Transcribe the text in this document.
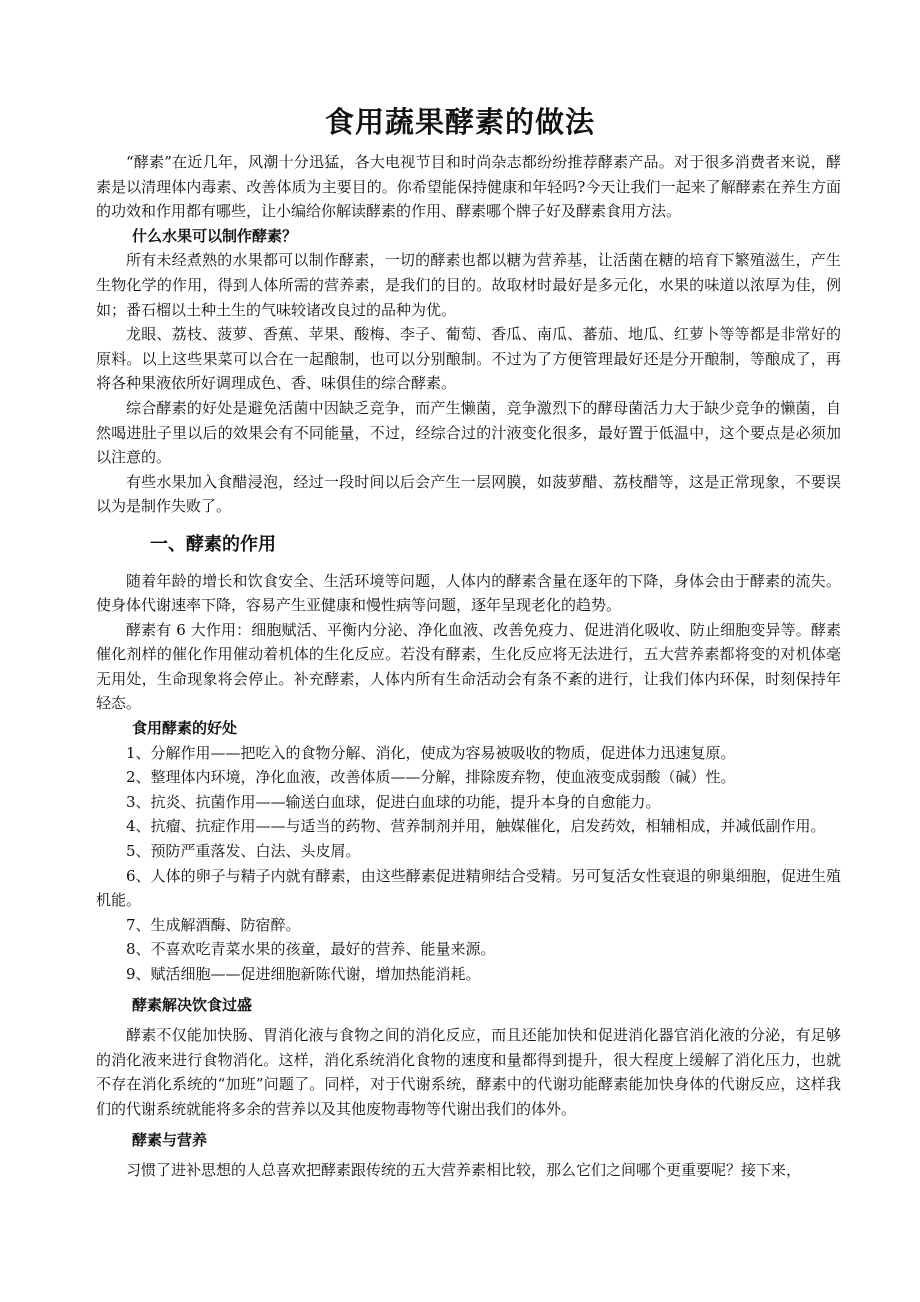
食用蔬果酵素的做法

“酵素”在近几年，风潮十分迅猛，各大电视节目和时尚杂志都纷纷推荐酵素产品。对于很多消费者来说，酵素是以清理体内毒素、改善体质为主要目的。你希望能保持健康和年轻吗?今天让我们一起来了解酵素在养生方面的功效和作用都有哪些，让小编给你解读酵素的作用、酵素哪个牌子好及酵素食用方法。

什么水果可以制作酵素？

所有未经煮熟的水果都可以制作酵素，一切的酵素也都以糖为营养基，让活菌在糖的培育下繁殖滋生，产生生物化学的作用，得到人体所需的营养素，是我们的目的。故取材时最好是多元化，水果的味道以浓厚为佳，例如；番石榴以土种土生的气味较诸改良过的品种为优。

龙眼、荔枝、菠萝、香蕉、苹果、酸梅、李子、葡萄、香瓜、南瓜、蕃茄、地瓜、红萝卜等等都是非常好的原料。以上这些果菜可以合在一起酿制，也可以分别酿制。不过为了方便管理最好还是分开酿制，等酿成了，再将各种果液依所好调理成色、香、味俱佳的综合酵素。

综合酵素的好处是避免活菌中因缺乏竞争，而产生懒菌，竞争激烈下的酵母菌活力大于缺少竞争的懒菌，自然喝进肚子里以后的效果会有不同能量，不过，经综合过的汁液变化很多，最好置于低温中，这个要点是必须加以注意的。

有些水果加入食醋浸泡，经过一段时间以后会产生一层网膜，如菠萝醋、荔枝醋等，这是正常现象，不要误以为是制作失败了。

一、酵素的作用

随着年龄的增长和饮食安全、生活环境等问题，人体内的酵素含量在逐年的下降，身体会由于酵素的流失。使身体代谢速率下降，容易产生亚健康和慢性病等问题，逐年呈现老化的趋势。

酵素有 6 大作用：细胞赋活、平衡内分泌、净化血液、改善免疫力、促进消化吸收、防止细胞变异等。酵素催化剂样的催化作用催动着机体的生化反应。若没有酵素，生化反应将无法进行，五大营养素都将变的对机体毫无用处，生命现象将会停止。补充酵素，人体内所有生命活动会有条不紊的进行，让我们体内环保，时刻保持年轻态。

食用酵素的好处

1、分解作用——把吃入的食物分解、消化，使成为容易被吸收的物质，促进体力迅速复原。

2、整理体内环境，净化血液，改善体质——分解，排除废弃物，使血液变成弱酸（碱）性。

3、抗炎、抗菌作用——输送白血球，促进白血球的功能，提升本身的自愈能力。

4、抗瘤、抗症作用——与适当的药物、营养制剂并用，触媒催化，启发药效，相辅相成，并减低副作用。

5、预防严重落发、白法、头皮屑。

6、人体的卵子与精子内就有酵素，由这些酵素促进精卵结合受精。另可复活女性衰退的卵巢细胞，促进生殖机能。

7、生成解酒酶、防宿醉。

8、不喜欢吃青菜水果的孩童，最好的营养、能量来源。

9、赋活细胞——促进细胞新陈代谢，增加热能消耗。

酵素解决饮食过盛

酵素不仅能加快肠、胃消化液与食物之间的消化反应，而且还能加快和促进消化器官消化液的分泌，有足够的消化液来进行食物消化。这样，消化系统消化食物的速度和量都得到提升，很大程度上缓解了消化压力，也就不存在消化系统的“加班”问题了。同样，对于代谢系统，酵素中的代谢功能酵素能加快身体的代谢反应，这样我们的代谢系统就能将多余的营养以及其他废物毒物等代谢出我们的体外。

酵素与营养

习惯了进补思想的人总喜欢把酵素跟传统的五大营养素相比较，那么它们之间哪个更重要呢？接下来，
